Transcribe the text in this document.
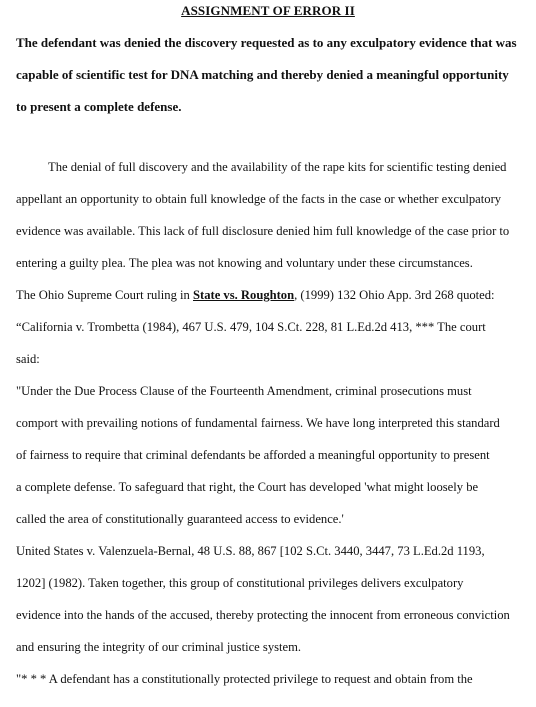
ASSIGNMENT OF ERROR II
The defendant was denied the discovery requested as to any exculpatory evidence that was
capable of scientific test for DNA matching and thereby denied a meaningful opportunity
to present a complete defense.
The denial of full discovery and the availability of the rape kits for scientific testing denied
appellant an opportunity to obtain full knowledge of the facts in the case or whether exculpatory
evidence was available. This lack of full disclosure denied him full knowledge of the case prior to
entering a guilty plea. The plea was not knowing and voluntary under these circumstances.
The Ohio Supreme Court ruling in State vs. Roughton, (1999) 132 Ohio App. 3rd 268 quoted:
“California v. Trombetta (1984), 467 U.S. 479, 104 S.Ct. 228, 81 L.Ed.2d 413, *** The court
said:
"Under the Due Process Clause of the Fourteenth Amendment, criminal prosecutions must
comport with prevailing notions of fundamental fairness. We have long interpreted this standard
of fairness to require that criminal defendants be afforded a meaningful opportunity to present
a complete defense. To safeguard that right, the Court has developed 'what might loosely be
called the area of constitutionally guaranteed access to evidence.'
United States v. Valenzuela-Bernal, 48 U.S. 88, 867 [102 S.Ct. 3440, 3447, 73 L.Ed.2d 1193,
1202] (1982). Taken together, this group of constitutional privileges delivers exculpatory
evidence into the hands of the accused, thereby protecting the innocent from erroneous conviction
and ensuring the integrity of our criminal justice system.
"* * * A defendant has a constitutionally protected privilege to request and obtain from the
